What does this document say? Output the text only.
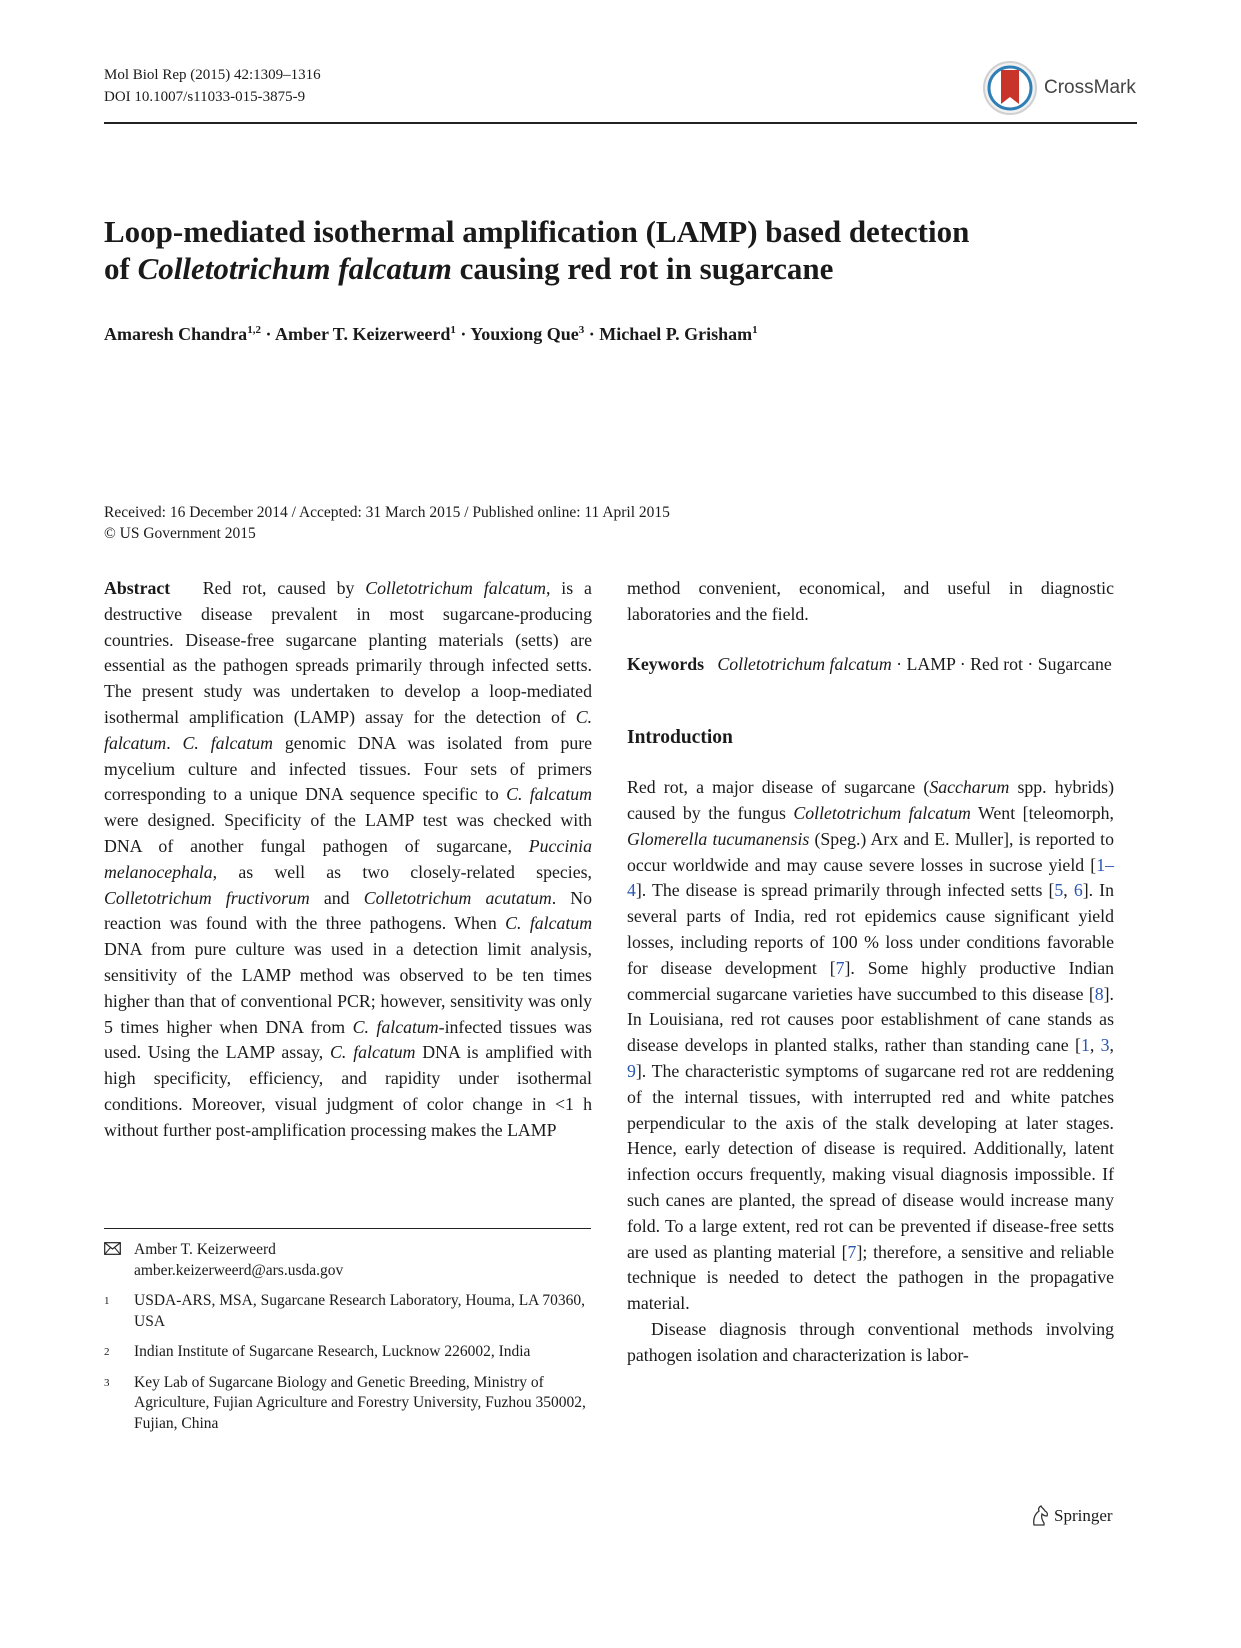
Mol Biol Rep (2015) 42:1309–1316
DOI 10.1007/s11033-015-3875-9	CrossMark
Loop-mediated isothermal amplification (LAMP) based detection
of Colletotrichum falcatum causing red rot in sugarcane
Amaresh Chandra$^{1,2}$ · Amber T. Keizerweerd$^1$ · Youxiong Que$^3$ · Michael P. Grisham$^1$
Received: 16 December 2014 / Accepted: 31 March 2015 / Published online: 11 April 2015
© US Government 2015

Abstract Red rot, caused by Colletotrichum falcatum, is a destructive disease prevalent in most sugarcane-producing countries. Disease-free sugarcane planting materials (setts) are essential as the pathogen spreads primarily through infected setts. The present study was undertaken to develop a loop-mediated isothermal amplification (LAMP) assay for the detection of C. falcatum. C. falcatum genomic DNA was isolated from pure mycelium culture and infected tissues. Four sets of primers corresponding to a unique DNA sequence specific to C. falcatum were designed. Specificity of the LAMP test was checked with DNA of another fungal pathogen of sugarcane, Puccinia melanocephala, as well as two closely-related species, Colletotrichum fructivorum and Colletotrichum acutatum. No reaction was found with the three pathogens. When C. falcatum DNA from pure culture was used in a detection limit analysis, sensitivity of the LAMP method was observed to be ten times higher than that of conventional PCR; however, sensitivity was only 5 times higher when DNA from C. falcatum-infected tissues was used. Using the LAMP assay, C. falcatum DNA is amplified with high specificity, efficiency, and rapidity under isothermal conditions. Moreover, visual judgment of color change in <1 h without further post-amplification processing makes the LAMP

Amber T. Keizerweerd
amber.keizerweerd@ars.usda.gov
1 USDA-ARS, MSA, Sugarcane Research Laboratory, Houma, LA 70360, USA
2 Indian Institute of Sugarcane Research, Lucknow 226002, India
3 Key Lab of Sugarcane Biology and Genetic Breeding, Ministry of Agriculture, Fujian Agriculture and Forestry University, Fuzhou 350002, Fujian, China

method convenient, economical, and useful in diagnostic laboratories and the field.

Keywords Colletotrichum falcatum · LAMP · Red rot · Sugarcane

Introduction

Red rot, a major disease of sugarcane (Saccharum spp. hybrids) caused by the fungus Colletotrichum falcatum Went [teleomorph, Glomerella tucumanensis (Speg.) Arx and E. Muller], is reported to occur worldwide and may cause severe losses in sucrose yield [1–4]. The disease is spread primarily through infected setts [5, 6]. In several parts of India, red rot epidemics cause significant yield losses, including reports of 100 % loss under conditions favorable for disease development [7]. Some highly productive Indian commercial sugarcane varieties have succumbed to this disease [8]. In Louisiana, red rot causes poor establishment of cane stands as disease develops in planted stalks, rather than standing cane [1, 3, 9]. The characteristic symptoms of sugarcane red rot are reddening of the internal tissues, with interrupted red and white patches perpendicular to the axis of the stalk developing at later stages. Hence, early detection of disease is required. Additionally, latent infection occurs frequently, making visual diagnosis impossible. If such canes are planted, the spread of disease would increase many fold. To a large extent, red rot can be prevented if disease-free setts are used as planting material [7]; therefore, a sensitive and reliable technique is needed to detect the pathogen in the propagative material.

Disease diagnosis through conventional methods involving pathogen isolation and characterization is labor-

Springer
